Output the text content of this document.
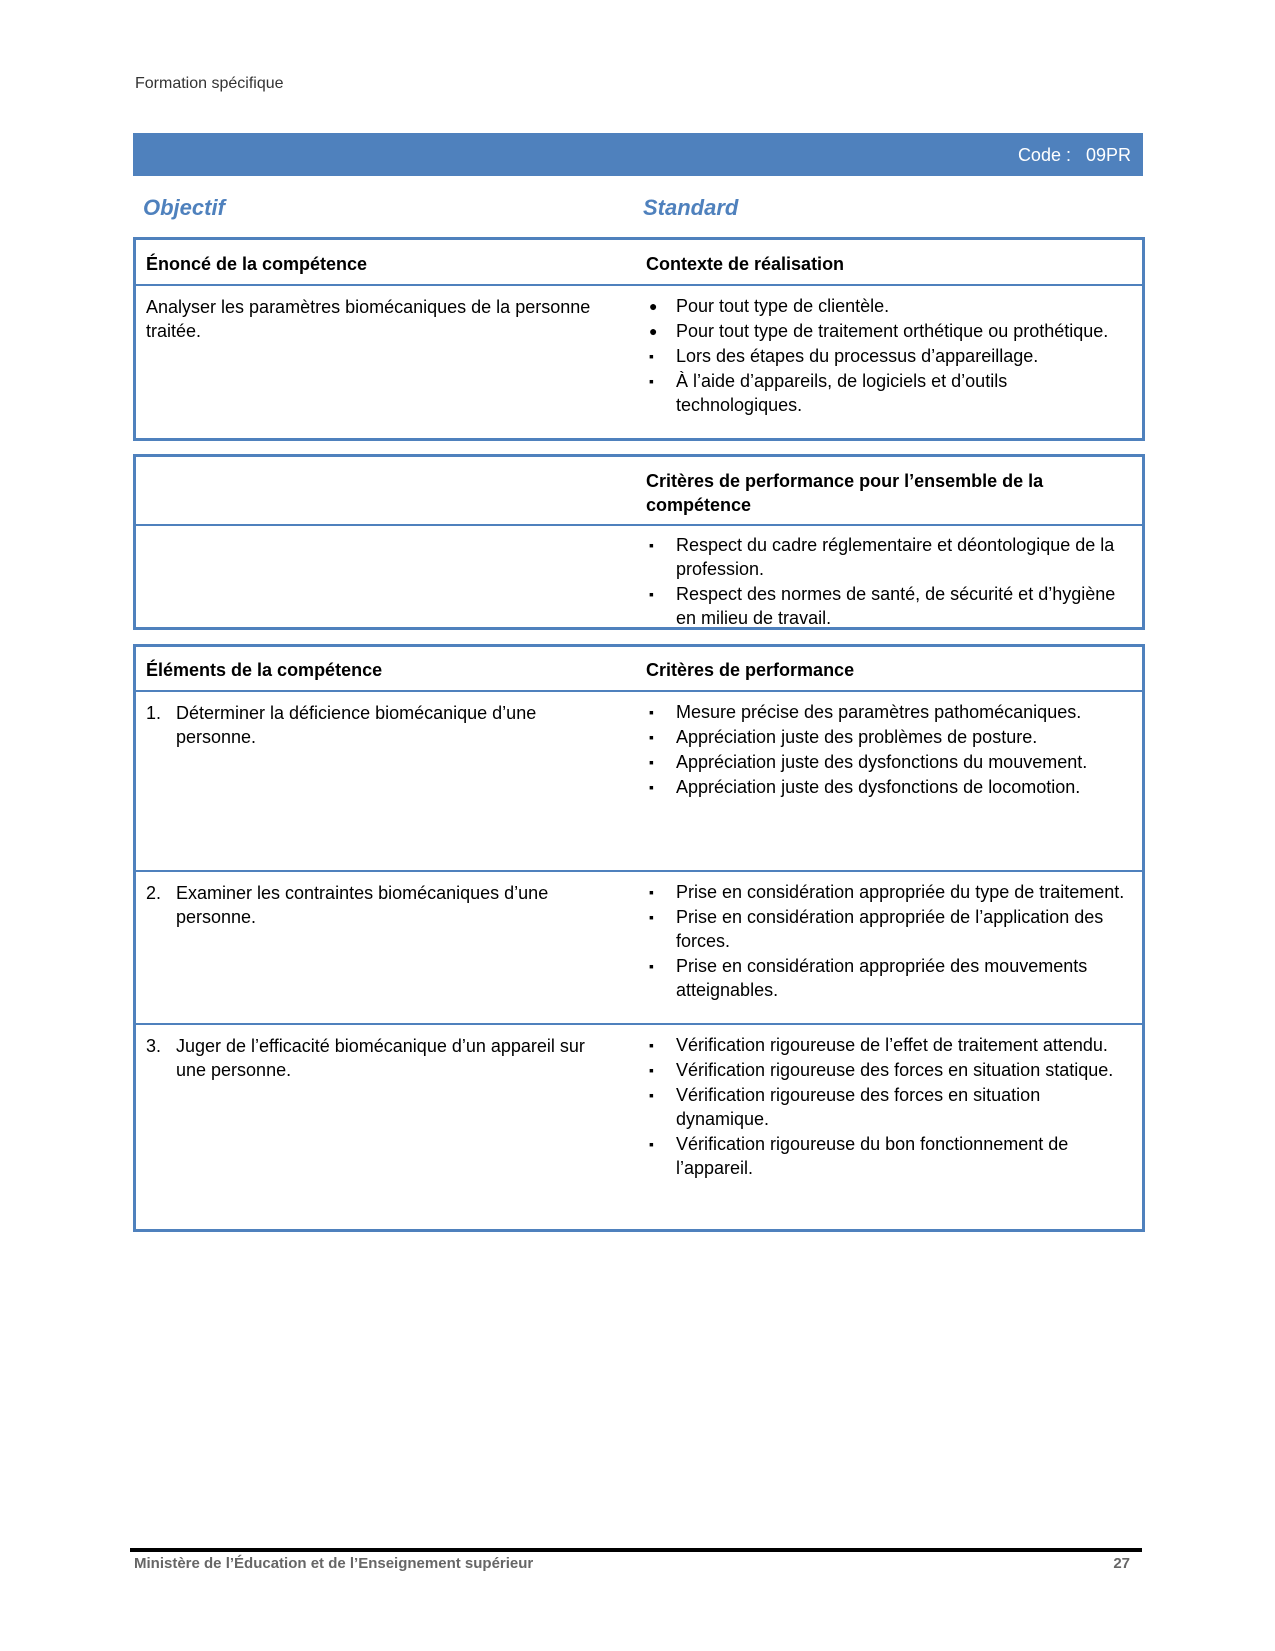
Formation spécifique
Code :   09PR
Objectif	Standard
Énoncé de la compétence	Contexte de réalisation
Analyser les paramètres biomécaniques de la personne traitée.
●	Pour tout type de clientèle.
●	Pour tout type de traitement orthétique ou prothétique.
▪	Lors des étapes du processus d’appareillage.
▪	À l’aide d’appareils, de logiciels et d’outils technologiques.
Critères de performance pour l’ensemble de la compétence
▪	Respect du cadre réglementaire et déontologique de la profession.
▪	Respect des normes de santé, de sécurité et d’hygiène en milieu de travail.
Éléments de la compétence	Critères de performance
1. Déterminer la déficience biomécanique d’une personne.
▪	Mesure précise des paramètres pathomécaniques.
▪	Appréciation juste des problèmes de posture.
▪	Appréciation juste des dysfonctions du mouvement.
▪	Appréciation juste des dysfonctions de locomotion.
2. Examiner les contraintes biomécaniques d’une personne.
▪	Prise en considération appropriée du type de traitement.
▪	Prise en considération appropriée de l’application des forces.
▪	Prise en considération appropriée des mouvements atteignables.
3. Juger de l’efficacité biomécanique d’un appareil sur une personne.
▪	Vérification rigoureuse de l’effet de traitement attendu.
▪	Vérification rigoureuse des forces en situation statique.
▪	Vérification rigoureuse des forces en situation dynamique.
▪	Vérification rigoureuse du bon fonctionnement de l’appareil.
Ministère de l’Éducation et de l’Enseignement supérieur	27
